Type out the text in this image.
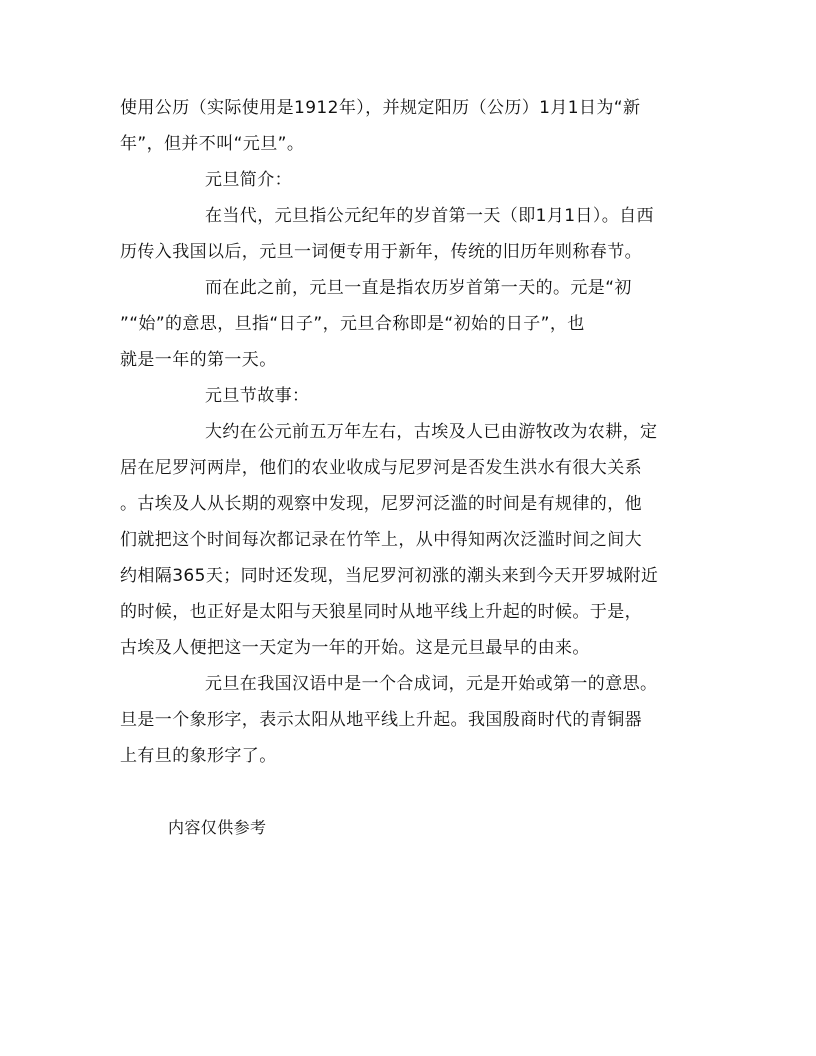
使用公历（实际使用是1912年），并规定阳历（公历）1月1日为“新
年”，但并不叫“元旦”。
元旦简介：
在当代，元旦指公元纪年的岁首第一天（即1月1日）。自西
历传入我国以后，元旦一词便专用于新年，传统的旧历年则称春节。
而在此之前，元旦一直是指农历岁首第一天的。元是“初
”“始”的意思，旦指“日子”，元旦合称即是“初始的日子”，也
就是一年的第一天。
元旦节故事：
大约在公元前五万年左右，古埃及人已由游牧改为农耕，定
居在尼罗河两岸，他们的农业收成与尼罗河是否发生洪水有很大关系
。古埃及人从长期的观察中发现，尼罗河泛滥的时间是有规律的，他
们就把这个时间每次都记录在竹竿上，从中得知两次泛滥时间之间大
约相隔365天；同时还发现，当尼罗河初涨的潮头来到今天开罗城附近
的时候，也正好是太阳与天狼星同时从地平线上升起的时候。于是，
古埃及人便把这一天定为一年的开始。这是元旦最早的由来。
元旦在我国汉语中是一个合成词，元是开始或第一的意思。
旦是一个象形字，表示太阳从地平线上升起。我国殷商时代的青铜器
上有旦的象形字了。
内容仅供参考
